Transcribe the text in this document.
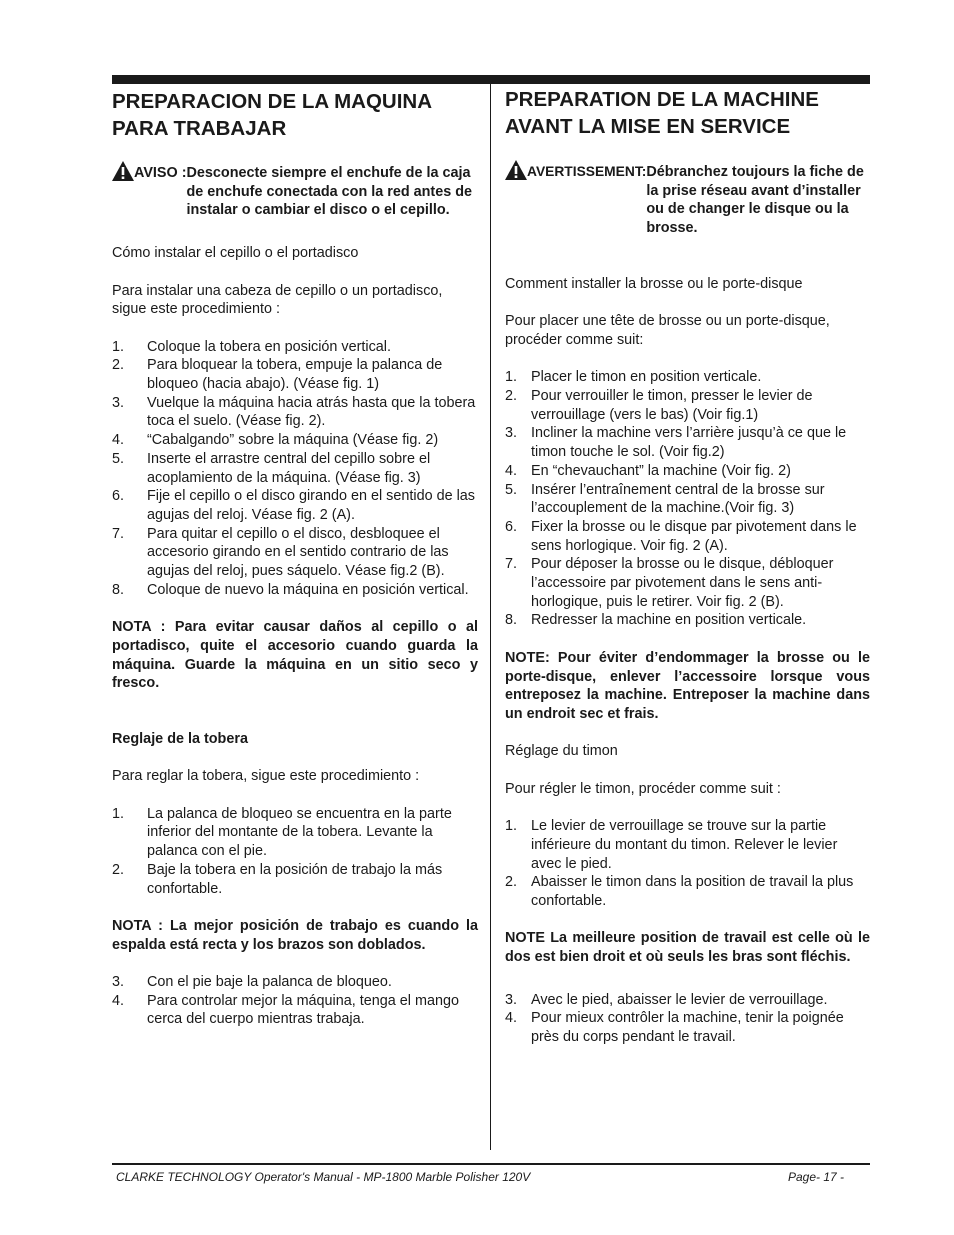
PREPARACION DE LA MAQUINA PARA TRABAJAR
AVISO : Desconecte siempre el enchufe de la caja de enchufe conectada con la red antes de instalar o cambiar el disco o el cepillo.

Cómo instalar el cepillo o el portadisco

Para instalar una cabeza de cepillo o un portadisco, sigue este procedimiento :

1.	Coloque la tobera en posición vertical.
2.	Para bloquear la tobera, empuje la palanca de bloqueo (hacia abajo). (Véase fig. 1)
3.	Vuelque la máquina hacia atrás hasta que la tobera toca el suelo. (Véase fig. 2).
4.	“Cabalgando” sobre la máquina (Véase fig. 2)
5.	Inserte el arrastre central del cepillo sobre el acoplamiento de la máquina. (Véase fig. 3)
6.	Fije el cepillo o el disco girando en el sentido de las agujas del reloj. Véase fig. 2 (A).
7.	Para quitar el cepillo o el disco, desbloquee el accesorio girando en el sentido contrario de las agujas del reloj, pues sáquelo. Véase fig.2 (B).
8.	Coloque de nuevo la máquina en posición vertical.

NOTA : Para evitar causar daños al cepillo o al portadisco, quite el accesorio cuando guarda la máquina. Guarde la máquina en un sitio seco y fresco.

Reglaje de la tobera

Para reglar la tobera, sigue este procedimiento :

1.	La palanca de bloqueo se encuentra en la parte inferior del montante de la tobera. Levante la palanca con el pie.
2.	Baje la tobera en la posición de trabajo la más confortable.

NOTA : La mejor posición de trabajo es cuando la espalda está recta y los brazos son doblados.

3.	Con el pie baje la palanca de bloqueo.
4.	Para controlar mejor la máquina, tenga el mango cerca del cuerpo mientras trabaja.
PREPARATION DE LA MACHINE AVANT LA MISE EN SERVICE
AVERTISSEMENT: Débranchez toujours la fiche de la prise réseau avant d’installer ou de changer le disque ou la brosse.

Comment installer la brosse ou le porte-disque

Pour placer une tête de brosse ou un porte-disque, procéder comme suit:

1. Placer le timon en position verticale.
2. Pour verrouiller le timon, presser le levier de verrouillage (vers le bas) (Voir fig.1)
3. Incliner la machine vers l’arrière jusqu’à ce que le timon touche le sol. (Voir fig.2)
4. En “chevauchant” la machine (Voir fig. 2)
5. Insérer l’entraînement central de la brosse sur l’accouplement de la machine.(Voir fig. 3)
6. Fixer la brosse ou le disque par pivotement dans le sens horlogique. Voir fig. 2 (A).
7. Pour déposer la brosse ou le disque, débloquer l’accessoire par pivotement dans le sens anti-horlogique, puis le retirer. Voir fig. 2 (B).
8. Redresser la machine en position verticale.

NOTE: Pour éviter d’endommager la brosse ou le porte-disque, enlever l’accessoire lorsque vous entreposez la machine. Entreposer la machine dans un endroit sec et frais.

Réglage du timon

Pour régler le timon, procéder comme suit :

1. Le levier de verrouillage se trouve sur la partie inférieure du montant du timon. Relever le levier avec le pied.
2. Abaisser le timon dans la position de travail la plus confortable.

NOTE La meilleure position de travail est celle où le dos est bien droit et où seuls les bras sont fléchis.

3. Avec le pied, abaisser le levier de verrouillage.
4. Pour mieux contrôler la machine, tenir la poignée près du corps pendant le travail.
CLARKE TECHNOLOGY Operator's Manual - MP-1800 Marble Polisher 120V	Page- 17 -
